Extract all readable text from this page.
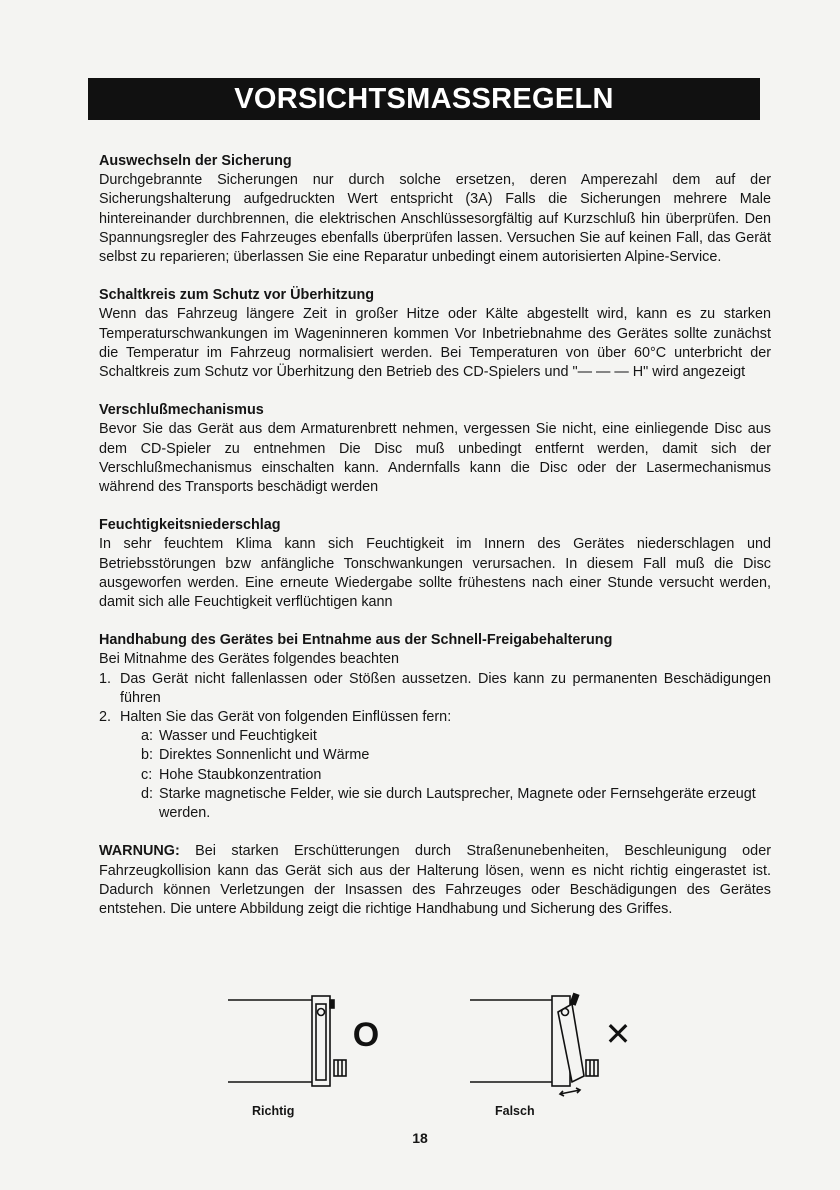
VORSICHTSMASSREGELN
Auswechseln der Sicherung
Durchgebrannte Sicherungen nur durch solche ersetzen, deren Amperezahl dem auf der Sicherungshalterung aufgedruckten Wert entspricht (3A) Falls die Sicherungen mehrere Male hintereinander durchbrennen, die elektrischen Anschlüssesorgfältig auf Kurzschluß hin überprüfen. Den Spannungsregler des Fahrzeuges ebenfalls überprüfen lassen. Versuchen Sie auf keinen Fall, das Gerät selbst zu reparieren; überlassen Sie eine Reparatur unbedingt einem autorisierten Alpine-Service.
Schaltkreis zum Schutz vor Überhitzung
Wenn das Fahrzeug längere Zeit in großer Hitze oder Kälte abgestellt wird, kann es zu starken Temperaturschwankungen im Wageninneren kommen Vor Inbetriebnahme des Gerätes sollte zunächst die Temperatur im Fahrzeug normalisiert werden. Bei Temperaturen von über 60°C unterbricht der Schaltkreis zum Schutz vor Überhitzung den Betrieb des CD-Spielers und "— — — H" wird angezeigt
Verschlußmechanismus
Bevor Sie das Gerät aus dem Armaturenbrett nehmen, vergessen Sie nicht, eine einliegende Disc aus dem CD-Spieler zu entnehmen Die Disc muß unbedingt entfernt werden, damit sich der Verschlußmechanismus einschalten kann. Andernfalls kann die Disc oder der Lasermechanismus während des Transports beschädigt werden
Feuchtigkeitsniederschlag
In sehr feuchtem Klima kann sich Feuchtigkeit im Innern des Gerätes niederschlagen und Betriebsstörungen bzw anfängliche Tonschwankungen verursachen. In diesem Fall muß die Disc ausgeworfen werden. Eine erneute Wiedergabe sollte frühestens nach einer Stunde versucht werden, damit sich alle Feuchtigkeit verflüchtigen kann
Handhabung des Gerätes bei Entnahme aus der Schnell-Freigabehalterung
Bei Mitnahme des Gerätes folgendes beachten
1. Das Gerät nicht fallenlassen oder Stößen aussetzen. Dies kann zu permanenten Beschädigungen führen
2. Halten Sie das Gerät von folgenden Einflüssen fern:
a: Wasser und Feuchtigkeit
b: Direktes Sonnenlicht und Wärme
c: Hohe Staubkonzentration
d: Starke magnetische Felder, wie sie durch Lautsprecher, Magnete oder Fernsehgeräte erzeugt werden.
WARNUNG: Bei starken Erschütterungen durch Straßenunebenheiten, Beschleunigung oder Fahrzeugkollision kann das Gerät sich aus der Halterung lösen, wenn es nicht richtig eingerastet ist. Dadurch können Verletzungen der Insassen des Fahrzeuges oder Beschädigungen des Gerätes entstehen. Die untere Abbildung zeigt die richtige Handhabung und Sicherung des Griffes.
O	✕
Richtig	Falsch
18
